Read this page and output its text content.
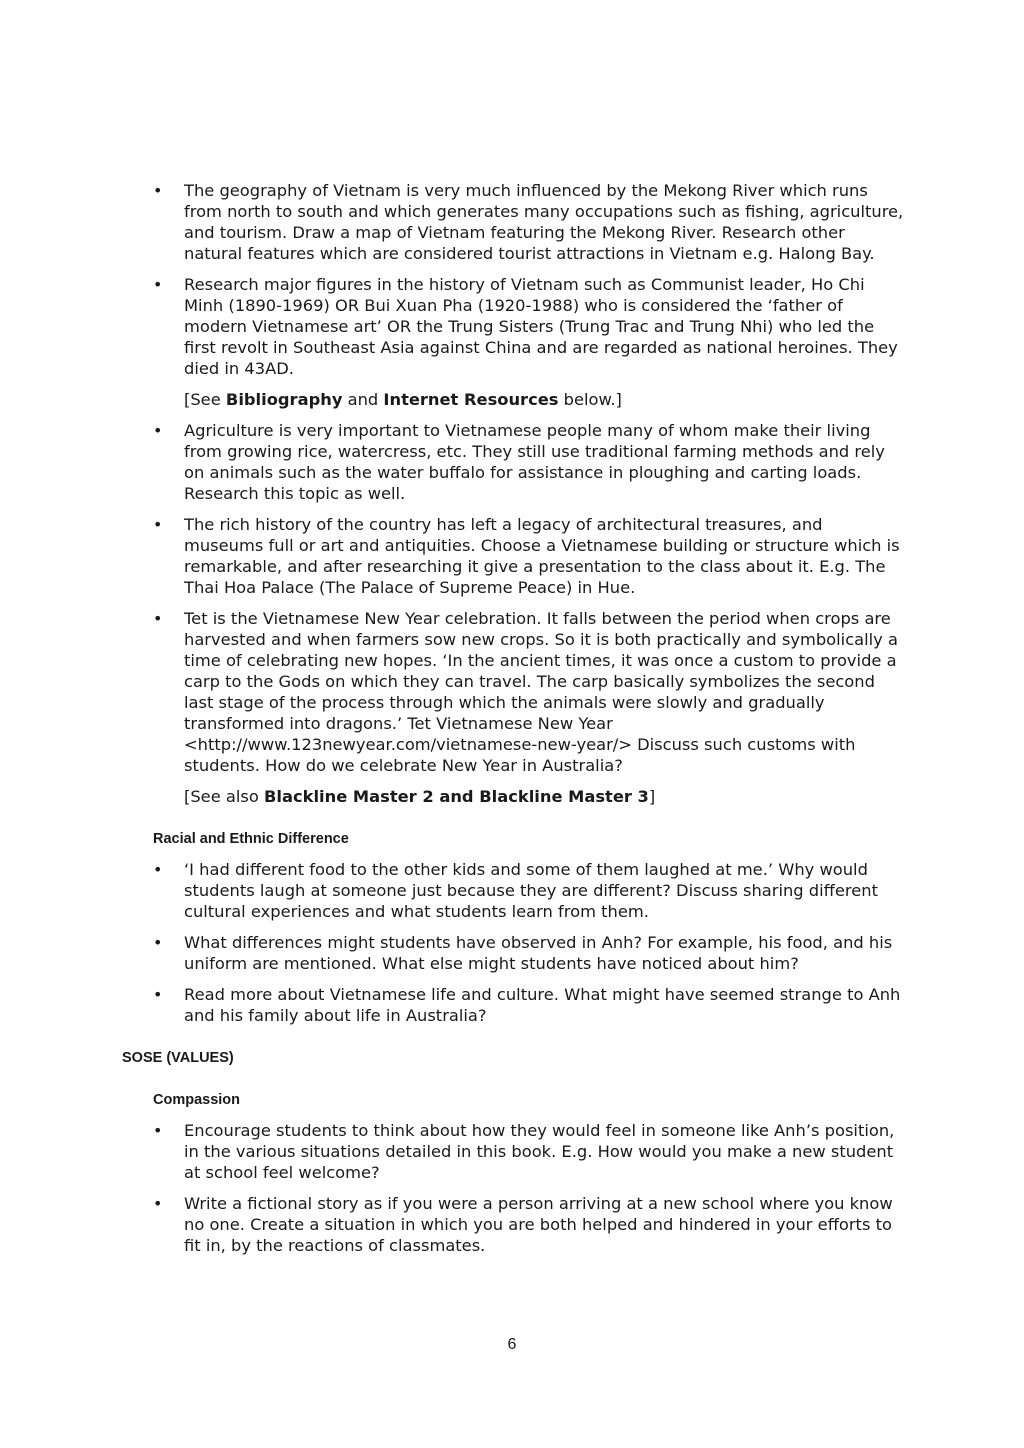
• The geography of Vietnam is very much influenced by the Mekong River which runs from north to south and which generates many occupations such as fishing, agriculture, and tourism. Draw a map of Vietnam featuring the Mekong River. Research other natural features which are considered tourist attractions in Vietnam e.g. Halong Bay.
• Research major figures in the history of Vietnam such as Communist leader, Ho Chi Minh (1890-1969) OR Bui Xuan Pha (1920-1988) who is considered the ‘father of modern Vietnamese art’ OR the Trung Sisters (Trung Trac and Trung Nhi) who led the first revolt in Southeast Asia against China and are regarded as national heroines. They died in 43AD.
[See Bibliography and Internet Resources below.]
• Agriculture is very important to Vietnamese people many of whom make their living from growing rice, watercress, etc. They still use traditional farming methods and rely on animals such as the water buffalo for assistance in ploughing and carting loads. Research this topic as well.
• The rich history of the country has left a legacy of architectural treasures, and museums full or art and antiquities. Choose a Vietnamese building or structure which is remarkable, and after researching it give a presentation to the class about it. E.g. The Thai Hoa Palace (The Palace of Supreme Peace) in Hue.
• Tet is the Vietnamese New Year celebration. It falls between the period when crops are harvested and when farmers sow new crops. So it is both practically and symbolically a time of celebrating new hopes. ‘In the ancient times, it was once a custom to provide a carp to the Gods on which they can travel. The carp basically symbolizes the second last stage of the process through which the animals were slowly and gradually transformed into dragons.’ Tet Vietnamese New Year <http://www.123newyear.com/vietnamese-new-year/> Discuss such customs with students. How do we celebrate New Year in Australia?
[See also Blackline Master 2 and Blackline Master 3]
Racial and Ethnic Difference
• ‘I had different food to the other kids and some of them laughed at me.’ Why would students laugh at someone just because they are different? Discuss sharing different cultural experiences and what students learn from them.
• What differences might students have observed in Anh? For example, his food, and his uniform are mentioned. What else might students have noticed about him?
• Read more about Vietnamese life and culture. What might have seemed strange to Anh and his family about life in Australia?
SOSE (VALUES)
Compassion
• Encourage students to think about how they would feel in someone like Anh’s position, in the various situations detailed in this book. E.g. How would you make a new student at school feel welcome?
• Write a fictional story as if you were a person arriving at a new school where you know no one. Create a situation in which you are both helped and hindered in your efforts to fit in, by the reactions of classmates.
6
